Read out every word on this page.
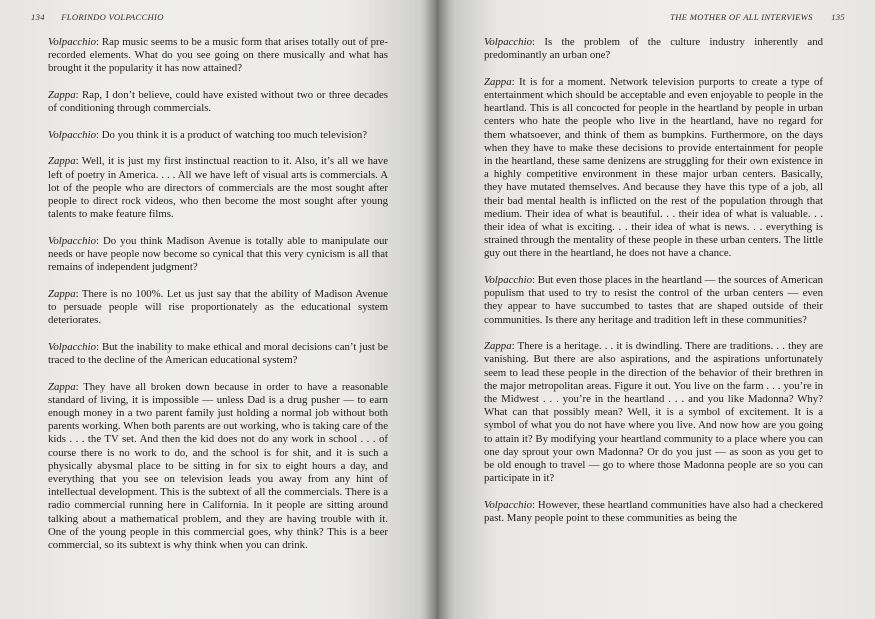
134 FLORINDO VOLPACCHIO

Volpacchio: Rap music seems to be a music form that arises totally out of pre-recorded elements. What do you see going on there musically and what has brought it the popularity it has now attained?

Zappa: Rap, I don’t believe, could have existed without two or three decades of conditioning through commercials.

Volpacchio: Do you think it is a product of watching too much television?

Zappa: Well, it is just my first instinctual reaction to it. Also, it’s all we have left of poetry in America. . . . All we have left of visual arts is commercials. A lot of the people who are directors of commercials are the most sought after people to direct rock videos, who then become the most sought after young talents to make feature films.

Volpacchio: Do you think Madison Avenue is totally able to manipulate our needs or have people now become so cynical that this very cynicism is all that remains of independent judgment?

Zappa: There is no 100%. Let us just say that the ability of Madison Avenue to persuade people will rise proportionately as the educational system deteriorates.

Volpacchio: But the inability to make ethical and moral decisions can’t just be traced to the decline of the American educational system?

Zappa: They have all broken down because in order to have a reasonable standard of living, it is impossible — unless Dad is a drug pusher — to earn enough money in a two parent family just holding a normal job without both parents working. When both parents are out working, who is taking care of the kids . . . the TV set. And then the kid does not do any work in school . . . of course there is no work to do, and the school is for shit, and it is such a physically abysmal place to be sitting in for six to eight hours a day, and everything that you see on television leads you away from any hint of intellectual development. This is the subtext of all the commercials. There is a radio commercial running here in California. In it people are sitting around talking about a mathematical problem, and they are having trouble with it. One of the young people in this commercial goes, why think? This is a beer commercial, so its subtext is why think when you can drink.

THE MOTHER OF ALL INTERVIEWS 135

Volpacchio: Is the problem of the culture industry inherently and predominantly an urban one?

Zappa: It is for a moment. Network television purports to create a type of entertainment which should be acceptable and even enjoyable to people in the heartland. This is all concocted for people in the heartland by people in urban centers who hate the people who live in the heartland, have no regard for them whatsoever, and think of them as bumpkins. Furthermore, on the days when they have to make these decisions to provide entertainment for people in the heartland, these same denizens are struggling for their own existence in a highly competitive environment in these major urban centers. Basically, they have mutated themselves. And because they have this type of a job, all their bad mental health is inflicted on the rest of the population through that medium. Their idea of what is beautiful. . . their idea of what is valuable. . . their idea of what is exciting. . . their idea of what is news. . . everything is strained through the mentality of these people in these urban centers. The little guy out there in the heartland, he does not have a chance.

Volpacchio: But even those places in the heartland — the sources of American populism that used to try to resist the control of the urban centers — even they appear to have succumbed to tastes that are shaped outside of their communities. Is there any heritage and tradition left in these communities?

Zappa: There is a heritage. . . it is dwindling. There are traditions. . . they are vanishing. But there are also aspirations, and the aspirations unfortunately seem to lead these people in the direction of the behavior of their brethren in the major metropolitan areas. Figure it out. You live on the farm . . . you’re in the Midwest . . . you’re in the heartland . . . and you like Madonna? Why? What can that possibly mean? Well, it is a symbol of excitement. It is a symbol of what you do not have where you live. And now how are you going to attain it? By modifying your heartland community to a place where you can one day sprout your own Madonna? Or do you just — as soon as you get to be old enough to travel — go to where those Madonna people are so you can participate in it?

Volpacchio: However, these heartland communities have also had a checkered past. Many people point to these communities as being the
